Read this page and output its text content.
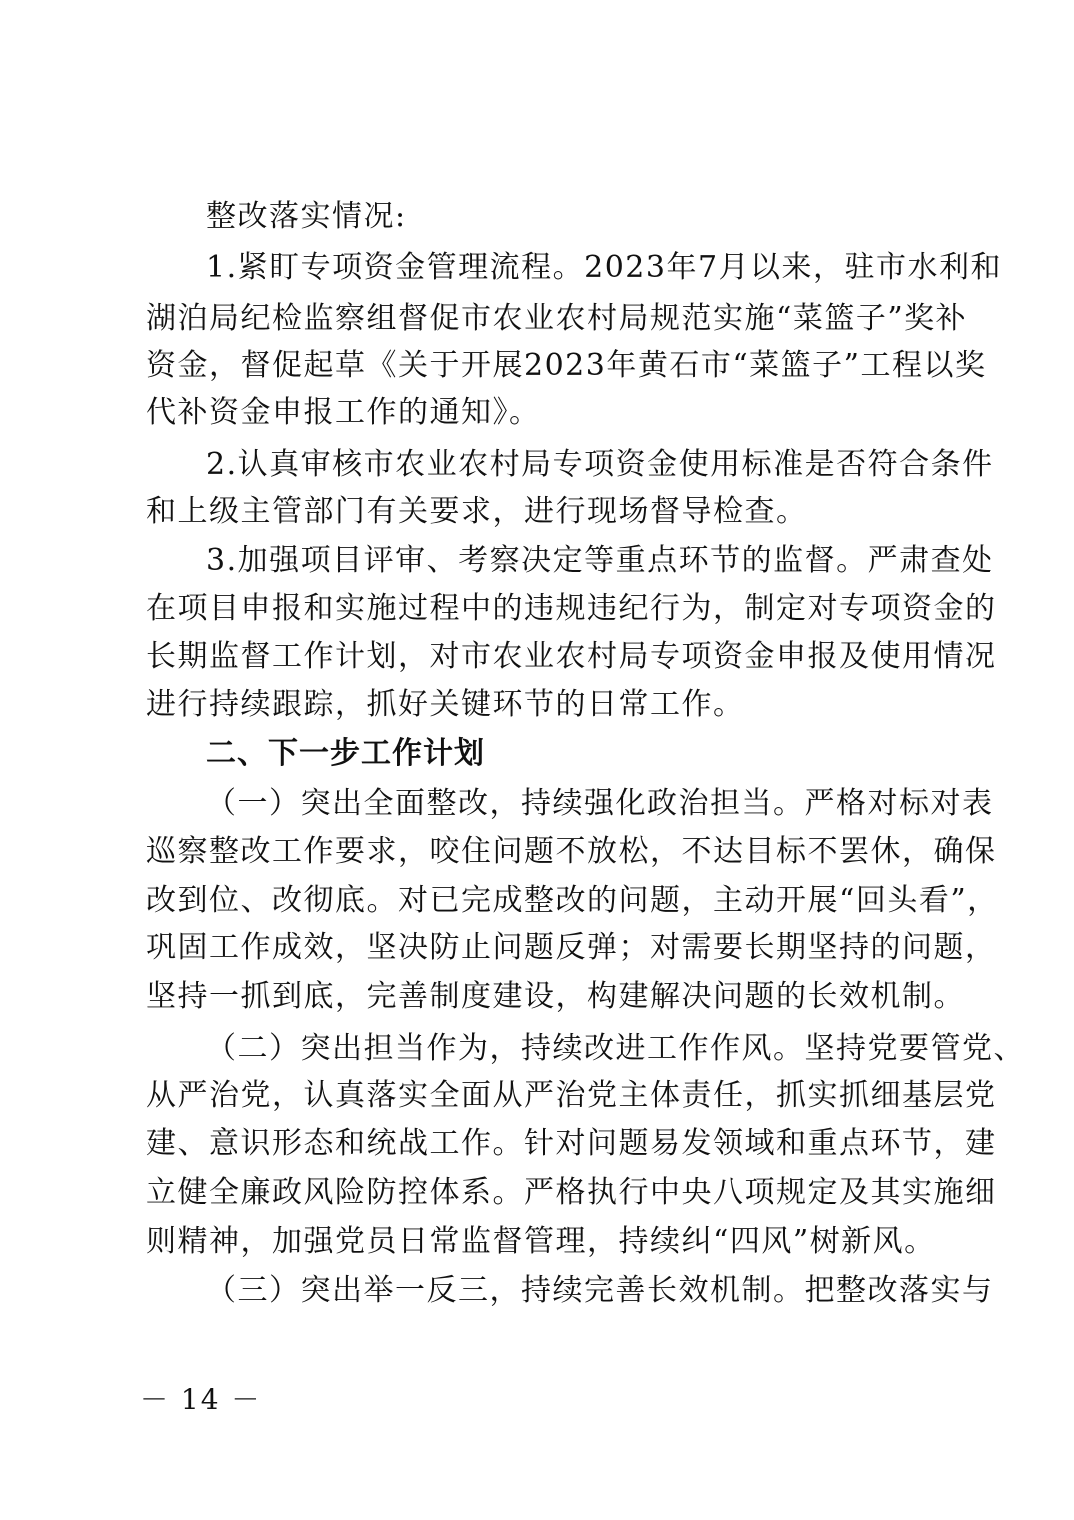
整改落实情况:
1.紧盯专项资金管理流程。2023年7月以来，驻市水利和
湖泊局纪检监察组督促市农业农村局规范实施“菜篮子”奖补
资金，督促起草《关于开展2023年黄石市“菜篮子”工程以奖
代补资金申报工作的通知》。
2.认真审核市农业农村局专项资金使用标准是否符合条件
和上级主管部门有关要求，进行现场督导检查。
3.加强项目评审、考察决定等重点环节的监督。严肃查处
在项目申报和实施过程中的违规违纪行为，制定对专项资金的
长期监督工作计划，对市农业农村局专项资金申报及使用情况
进行持续跟踪，抓好关键环节的日常工作。
二、下一步工作计划
（一）突出全面整改，持续强化政治担当。严格对标对表
巡察整改工作要求，咬住问题不放松，不达目标不罢休，确保
改到位、改彻底。对已完成整改的问题，主动开展“回头看”，
巩固工作成效，坚决防止问题反弹；对需要长期坚持的问题，
坚持一抓到底，完善制度建设，构建解决问题的长效机制。
（二）突出担当作为，持续改进工作作风。坚持党要管党、
从严治党，认真落实全面从严治党主体责任，抓实抓细基层党
建、意识形态和统战工作。针对问题易发领域和重点环节，建
立健全廉政风险防控体系。严格执行中央八项规定及其实施细
则精神，加强党员日常监督管理，持续纠“四风”树新风。
（三）突出举一反三，持续完善长效机制。把整改落实与
－ 14 －
